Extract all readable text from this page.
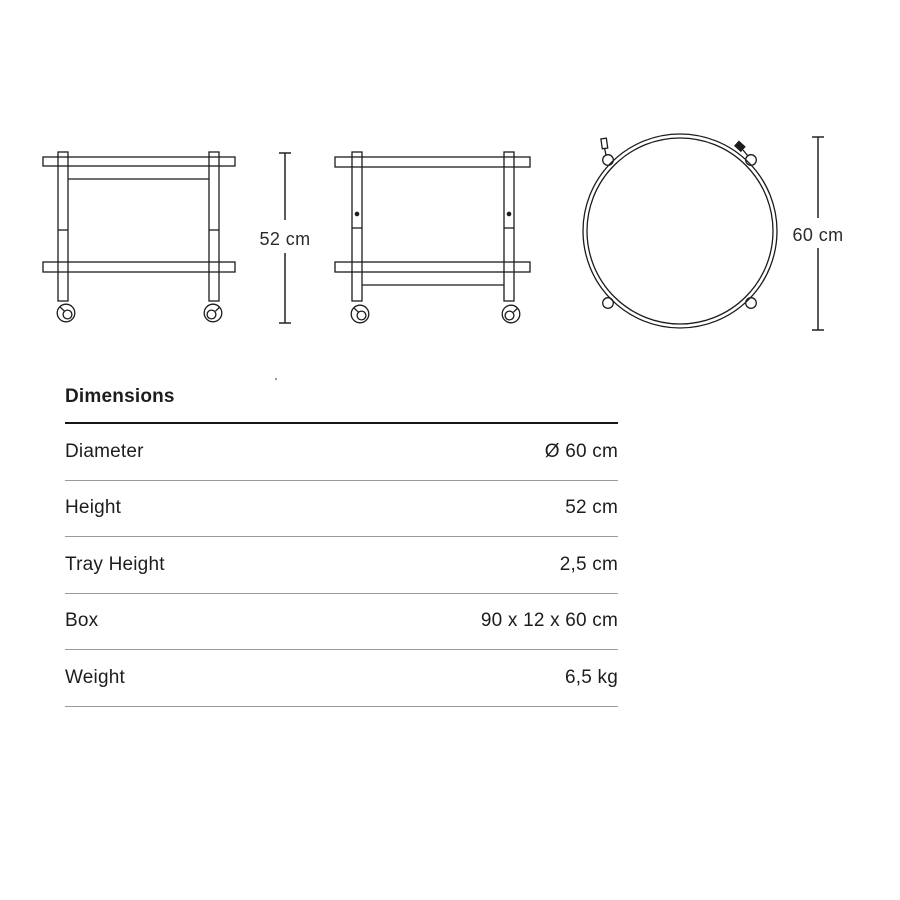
52 cm	60 cm
Dimensions
Diameter	Ø 60 cm
Height	52 cm
Tray Height	2,5 cm
Box	90 x 12 x 60 cm
Weight	6,5 kg
